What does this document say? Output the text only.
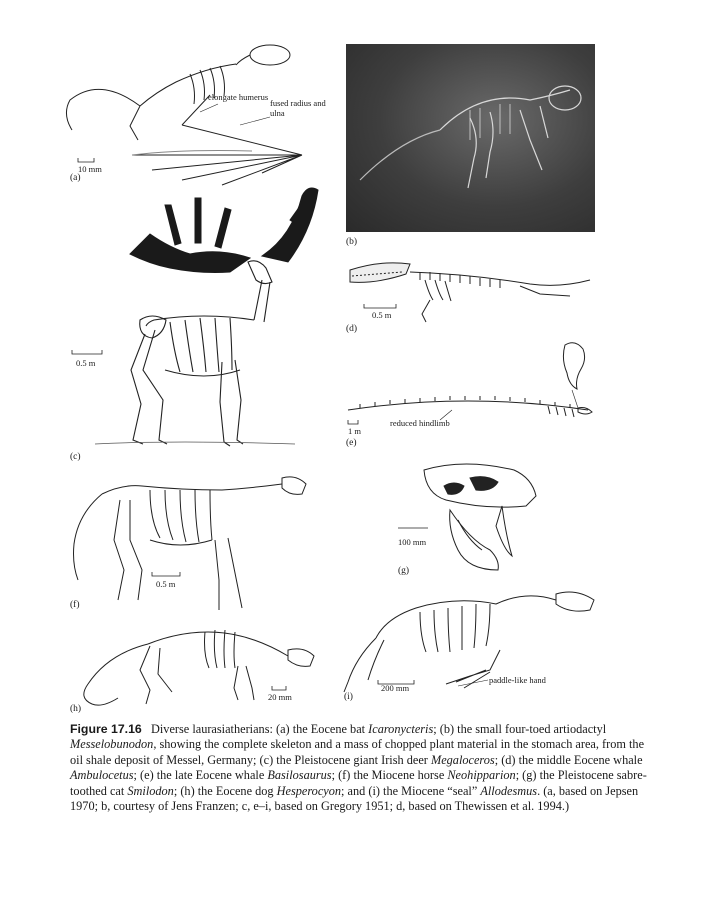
elongate humerus
fused radius and ulna
10 mm
(a)
(b)
0.5 m
(c)
0.5 m
(d)
reduced hindlimb
1 m
(e)
0.5 m
(f)
100 mm
(g)
20 mm
(h)
paddle-like hand
200 mm
(i)
Figure 17.16 Diverse laurasiatherians: (a) the Eocene bat Icaronycteris; (b) the small four-toed artiodactyl Messelobunodon, showing the complete skeleton and a mass of chopped plant material in the stomach area, from the oil shale deposit of Messel, Germany; (c) the Pleistocene giant Irish deer Megaloceros; (d) the middle Eocene whale Ambulocetus; (e) the late Eocene whale Basilosaurus; (f) the Miocene horse Neohipparion; (g) the Pleistocene sabre-toothed cat Smilodon; (h) the Eocene dog Hesperocyon; and (i) the Miocene “seal” Allodesmus. (a, based on Jepsen 1970; b, courtesy of Jens Franzen; c, e–i, based on Gregory 1951; d, based on Thewissen et al. 1994.)
